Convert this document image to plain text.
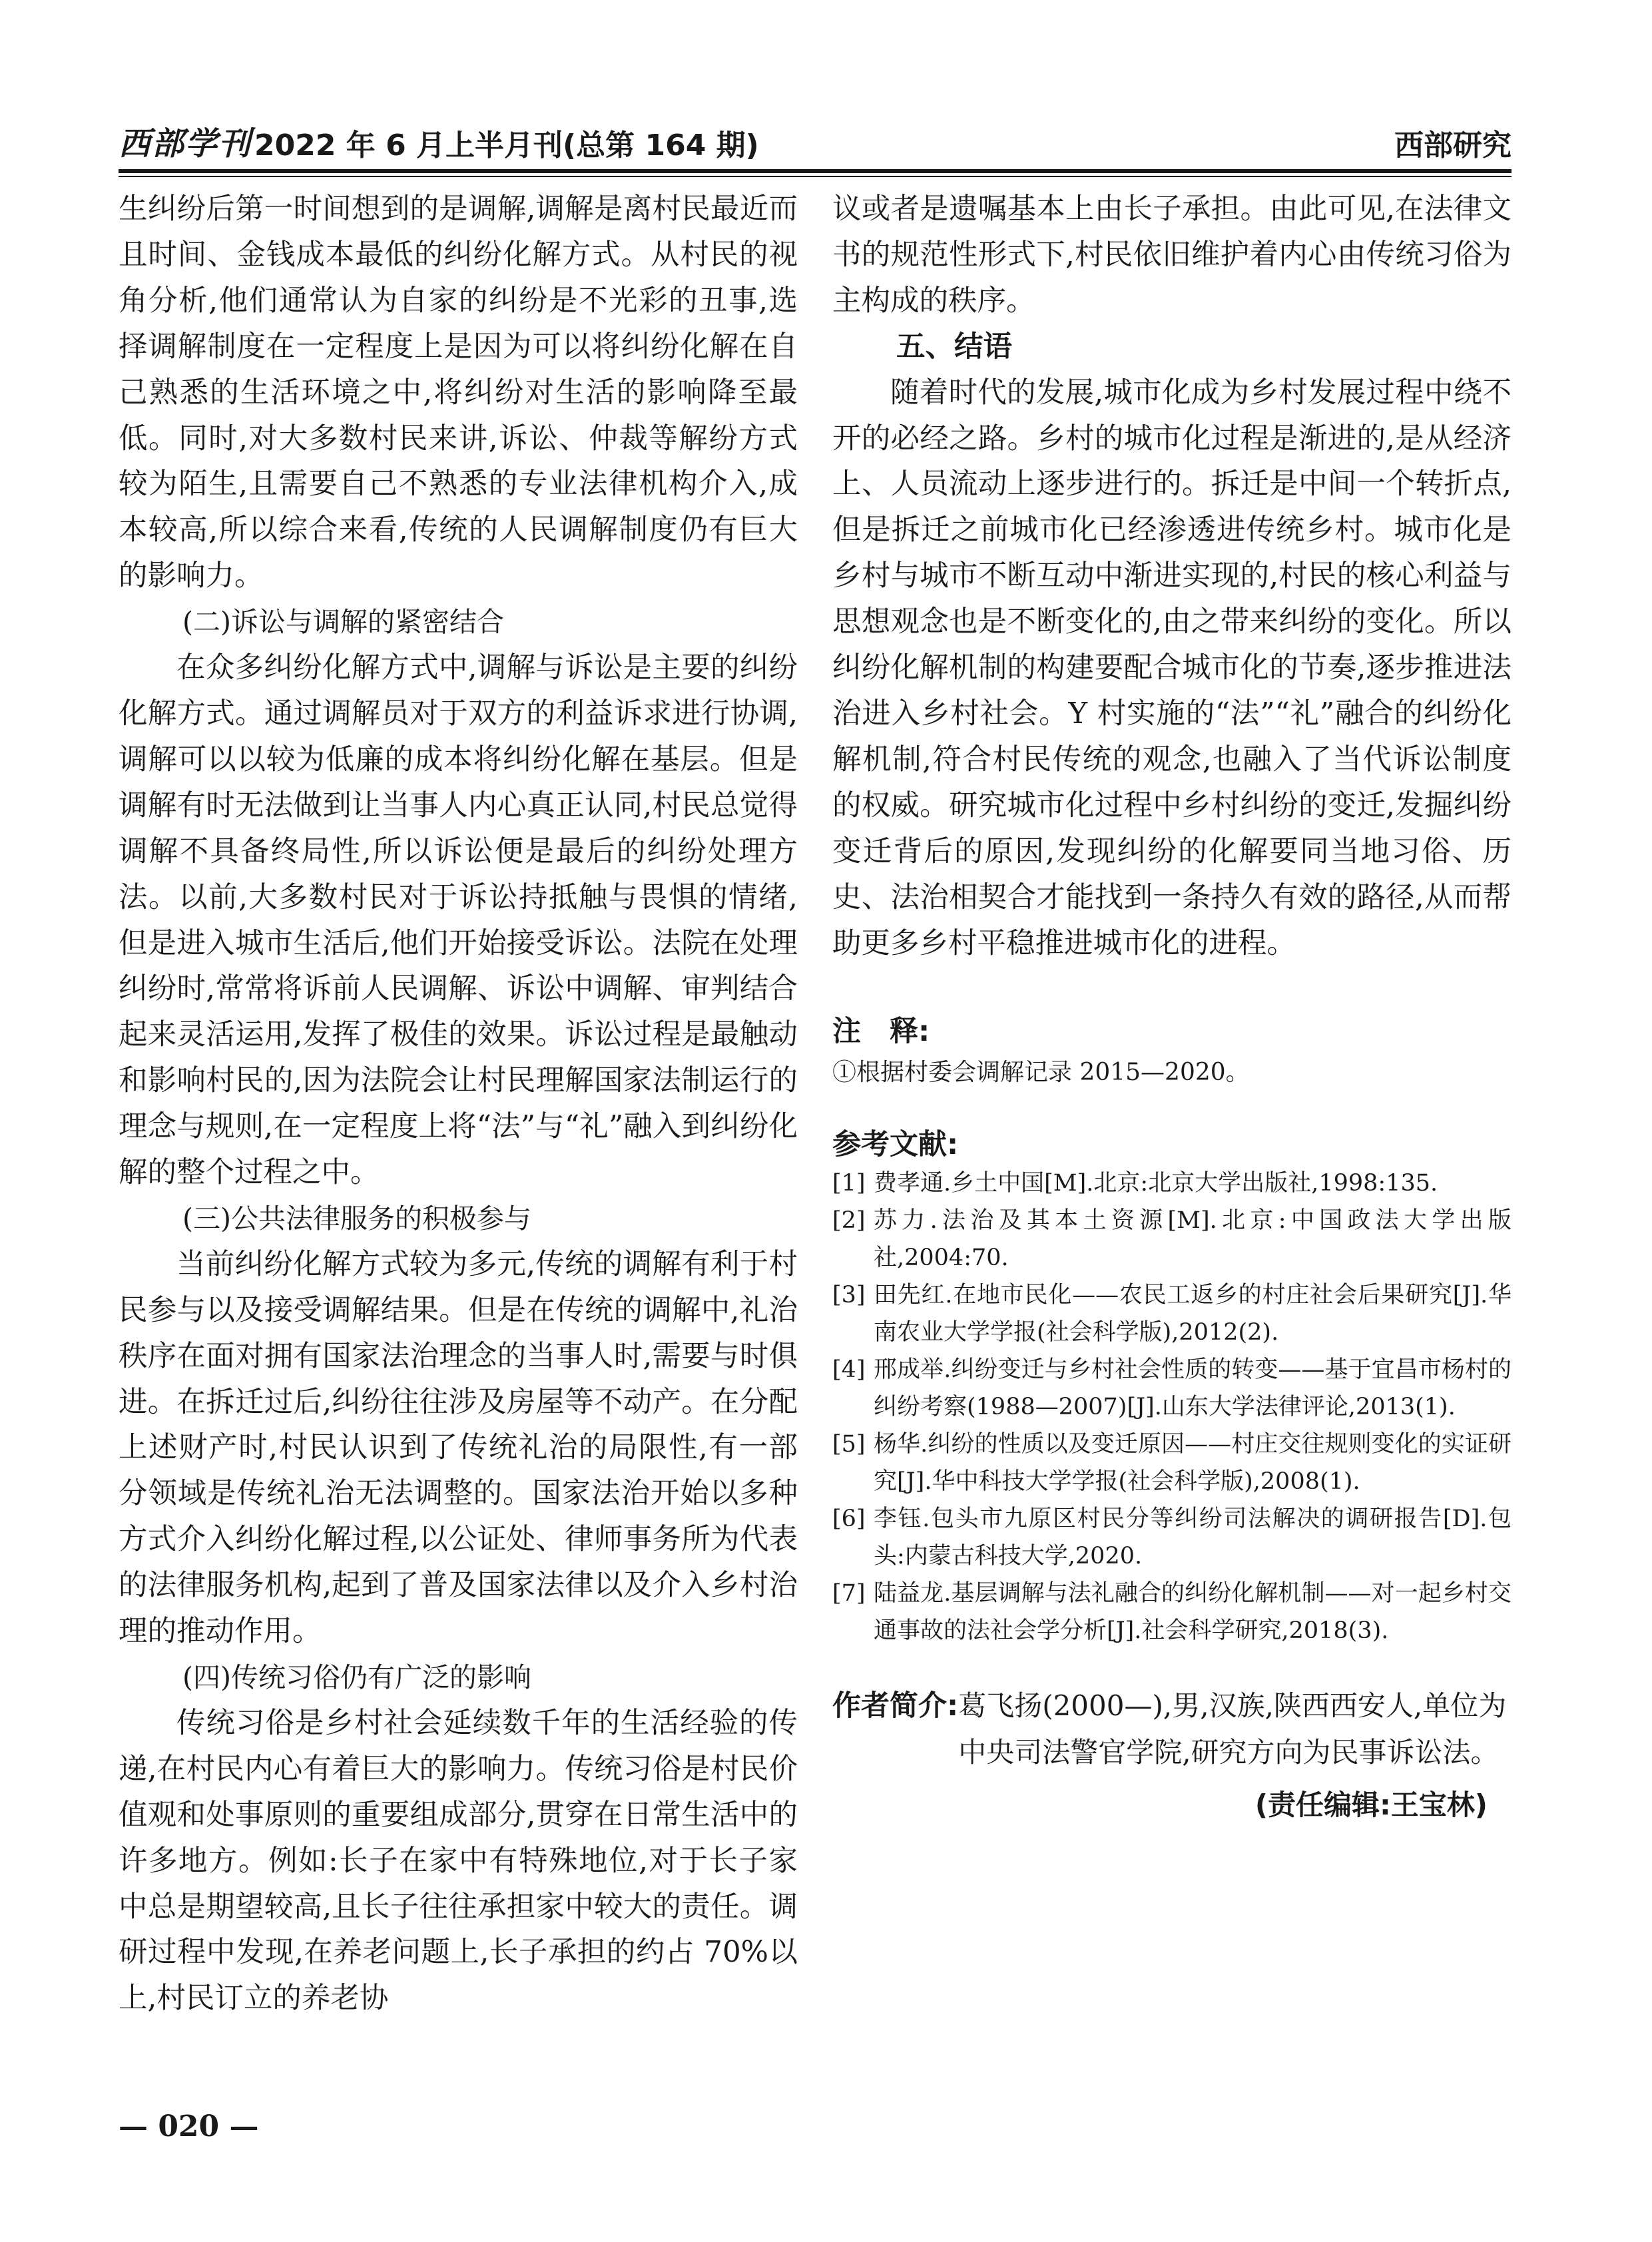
西部学刊 2022 年 6 月上半月刊(总第 164 期)	西部研究

生纠纷后第一时间想到的是调解,调解是离村民最近而且时间、金钱成本最低的纠纷化解方式。从村民的视角分析,他们通常认为自家的纠纷是不光彩的丑事,选择调解制度在一定程度上是因为可以将纠纷化解在自己熟悉的生活环境之中,将纠纷对生活的影响降至最低。同时,对大多数村民来讲,诉讼、仲裁等解纷方式较为陌生,且需要自己不熟悉的专业法律机构介入,成本较高,所以综合来看,传统的人民调解制度仍有巨大的影响力。

(二)诉讼与调解的紧密结合

在众多纠纷化解方式中,调解与诉讼是主要的纠纷化解方式。通过调解员对于双方的利益诉求进行协调,调解可以以较为低廉的成本将纠纷化解在基层。但是调解有时无法做到让当事人内心真正认同,村民总觉得调解不具备终局性,所以诉讼便是最后的纠纷处理方法。以前,大多数村民对于诉讼持抵触与畏惧的情绪,但是进入城市生活后,他们开始接受诉讼。法院在处理纠纷时,常常将诉前人民调解、诉讼中调解、审判结合起来灵活运用,发挥了极佳的效果。诉讼过程是最触动和影响村民的,因为法院会让村民理解国家法制运行的理念与规则,在一定程度上将“法”与“礼”融入到纠纷化解的整个过程之中。

(三)公共法律服务的积极参与

当前纠纷化解方式较为多元,传统的调解有利于村民参与以及接受调解结果。但是在传统的调解中,礼治秩序在面对拥有国家法治理念的当事人时,需要与时俱进。在拆迁过后,纠纷往往涉及房屋等不动产。在分配上述财产时,村民认识到了传统礼治的局限性,有一部分领域是传统礼治无法调整的。国家法治开始以多种方式介入纠纷化解过程,以公证处、律师事务所为代表的法律服务机构,起到了普及国家法律以及介入乡村治理的推动作用。

(四)传统习俗仍有广泛的影响

传统习俗是乡村社会延续数千年的生活经验的传递,在村民内心有着巨大的影响力。传统习俗是村民价值观和处事原则的重要组成部分,贯穿在日常生活中的许多地方。例如:长子在家中有特殊地位,对于长子家中总是期望较高,且长子往往承担家中较大的责任。调研过程中发现,在养老问题上,长子承担的约占 70%以上,村民订立的养老协

议或者是遗嘱基本上由长子承担。由此可见,在法律文书的规范性形式下,村民依旧维护着内心由传统习俗为主构成的秩序。

五、结语

随着时代的发展,城市化成为乡村发展过程中绕不开的必经之路。乡村的城市化过程是渐进的,是从经济上、人员流动上逐步进行的。拆迁是中间一个转折点,但是拆迁之前城市化已经渗透进传统乡村。城市化是乡村与城市不断互动中渐进实现的,村民的核心利益与思想观念也是不断变化的,由之带来纠纷的变化。所以纠纷化解机制的构建要配合城市化的节奏,逐步推进法治进入乡村社会。Y 村实施的“法”“礼”融合的纠纷化解机制,符合村民传统的观念,也融入了当代诉讼制度的权威。研究城市化过程中乡村纠纷的变迁,发掘纠纷变迁背后的原因,发现纠纷的化解要同当地习俗、历史、法治相契合才能找到一条持久有效的路径,从而帮助更多乡村平稳推进城市化的进程。

注　释:

①根据村委会调解记录 2015—2020。

参考文献:
[1] 费孝通.乡土中国[M].北京:北京大学出版社,1998:135.
[2] 苏力.法治及其本土资源[M].北京:中国政法大学出版社,2004:70.
[3] 田先红.在地市民化——农民工返乡的村庄社会后果研究[J].华南农业大学学报(社会科学版),2012(2).
[4] 邢成举.纠纷变迁与乡村社会性质的转变——基于宜昌市杨村的纠纷考察(1988—2007)[J].山东大学法律评论,2013(1).
[5] 杨华.纠纷的性质以及变迁原因——村庄交往规则变化的实证研究[J].华中科技大学学报(社会科学版),2008(1).
[6] 李钰.包头市九原区村民分等纠纷司法解决的调研报告[D].包头:内蒙古科技大学,2020.
[7] 陆益龙.基层调解与法礼融合的纠纷化解机制——对一起乡村交通事故的法社会学分析[J].社会科学研究,2018(3).
作者简介: 葛飞扬(2000—),男,汉族,陕西西安人,单位为中央司法警官学院,研究方向为民事诉讼法。
(责任编辑:王宝林)
— 020 —
